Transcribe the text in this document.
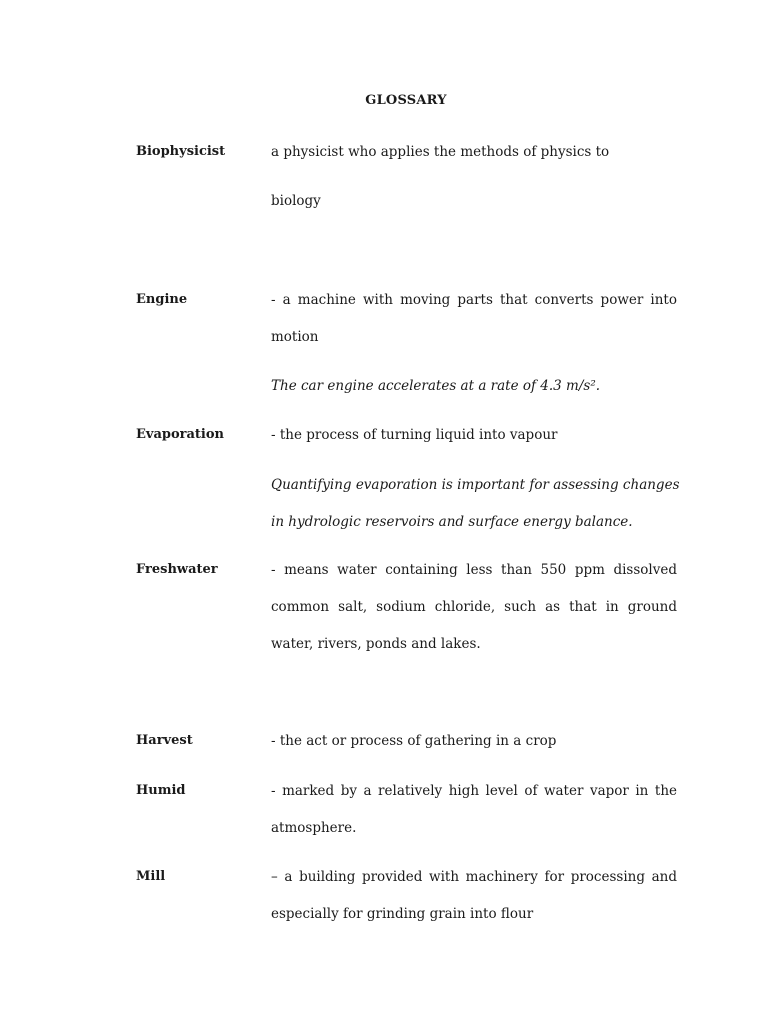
GLOSSARY
Biophysicist	a physicist who applies the methods of physics to
biology
Engine	- a machine with moving parts that converts power into
motion
The car engine accelerates at a rate of 4.3 m/s².
Evaporation	- the process of turning liquid into vapour
Quantifying evaporation is important for assessing changes
in hydrologic reservoirs and surface energy balance.
Freshwater	- means water containing less than 550 ppm dissolved
common salt, sodium chloride, such as that in ground
water, rivers, ponds and lakes.
Harvest	- the act or process of gathering in a crop
Humid	- marked by a relatively high level of water vapor in the
atmosphere.
Mill	– a building provided with machinery for processing and
especially for grinding grain into flour
